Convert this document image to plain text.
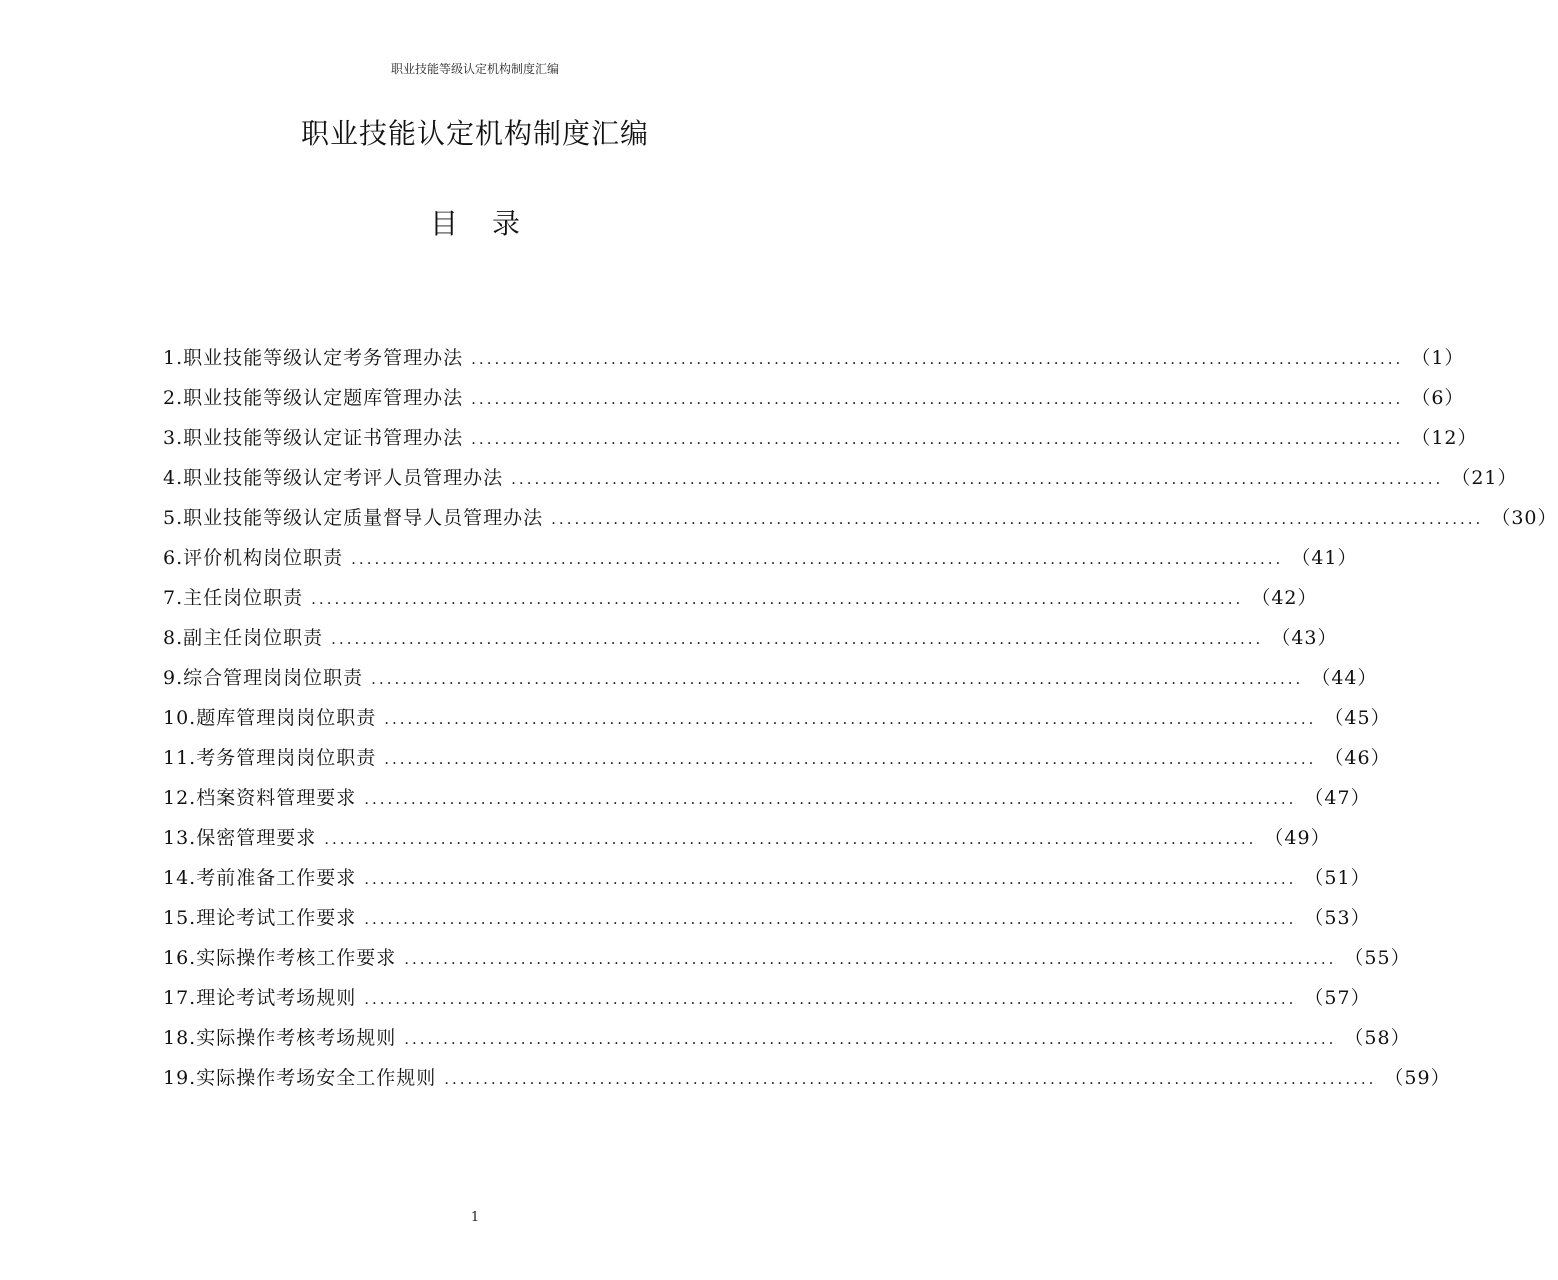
职业技能等级认定机构制度汇编
职业技能认定机构制度汇编
目录
1. 职业技能等级认定考务管理办法 ........................................................................................................................ （1）
2. 职业技能等级认定题库管理办法 ........................................................................................................................ （6）
3. 职业技能等级认定证书管理办法 ........................................................................................................................ （12）
4. 职业技能等级认定考评人员管理办法 ........................................................................................................................ （21）
5. 职业技能等级认定质量督导人员管理办法 ........................................................................................................................ （30）
6. 评价机构岗位职责 ........................................................................................................................ （41）
7. 主任岗位职责 ........................................................................................................................ （42）
8. 副主任岗位职责 ........................................................................................................................ （43）
9. 综合管理岗岗位职责 ........................................................................................................................ （44）
10. 题库管理岗岗位职责 ........................................................................................................................ （45）
11. 考务管理岗岗位职责 ........................................................................................................................ （46）
12. 档案资料管理要求 ........................................................................................................................ （47）
13. 保密管理要求 ........................................................................................................................ （49）
14. 考前准备工作要求 ........................................................................................................................ （51）
15. 理论考试工作要求 ........................................................................................................................ （53）
16. 实际操作考核工作要求 ........................................................................................................................ （55）
17. 理论考试考场规则 ........................................................................................................................ （57）
18. 实际操作考核考场规则 ........................................................................................................................ （58）
19. 实际操作考场安全工作规则 ........................................................................................................................ （59）
1
